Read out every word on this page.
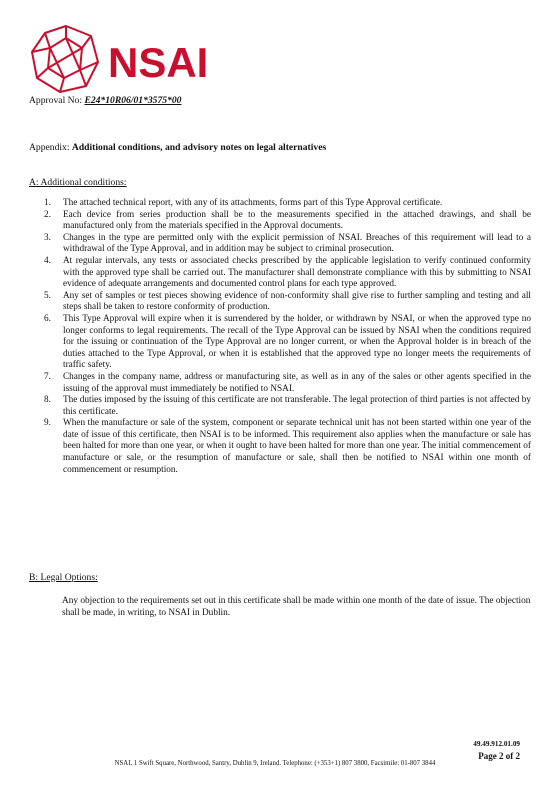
NSAI
Approval No: E24*10R06/01*3575*00
Appendix: Additional conditions, and advisory notes on legal alternatives
A: Additional conditions:
1. The attached technical report, with any of its attachments, forms part of this Type Approval certificate.
2. Each device from series production shall be to the measurements specified in the attached drawings, and shall be manufactured only from the materials specified in the Approval documents.
3. Changes in the type are permitted only with the explicit permission of NSAI. Breaches of this requirement will lead to a withdrawal of the Type Approval, and in addition may be subject to criminal prosecution.
4. At regular intervals, any tests or associated checks prescribed by the applicable legislation to verify continued conformity with the approved type shall be carried out. The manufacturer shall demonstrate compliance with this by submitting to NSAI evidence of adequate arrangements and documented control plans for each type approved.
5. Any set of samples or test pieces showing evidence of non-conformity shall give rise to further sampling and testing and all steps shall be taken to restore conformity of production.
6. This Type Approval will expire when it is surrendered by the holder, or withdrawn by NSAI, or when the approved type no longer conforms to legal requirements. The recall of the Type Approval can be issued by NSAI when the conditions required for the issuing or continuation of the Type Approval are no longer current, or when the Approval holder is in breach of the duties attached to the Type Approval, or when it is established that the approved type no longer meets the requirements of traffic safety.
7. Changes in the company name, address or manufacturing site, as well as in any of the sales or other agents specified in the issuing of the approval must immediately be notified to NSAI.
8. The duties imposed by the issuing of this certificate are not transferable. The legal protection of third parties is not affected by this certificate.
9. When the manufacture or sale of the system, component or separate technical unit has not been started within one year of the date of issue of this certificate, then NSAI is to be informed. This requirement also applies when the manufacture or sale has been halted for more than one year, or when it ought to have been halted for more than one year. The initial commencement of manufacture or sale, or the resumption of manufacture or sale, shall then be notified to NSAI within one month of commencement or resumption.
B: Legal Options:
Any objection to the requirements set out in this certificate shall be made within one month of the date of issue. The objection shall be made, in writing, to NSAI in Dublin.
49.49.912.01.09
Page 2 of 2
NSAI, 1 Swift Square, Northwood, Santry, Dublin 9, Ireland. Telephone: (+353+1) 807 3800, Facsimile: 01-807 3844
